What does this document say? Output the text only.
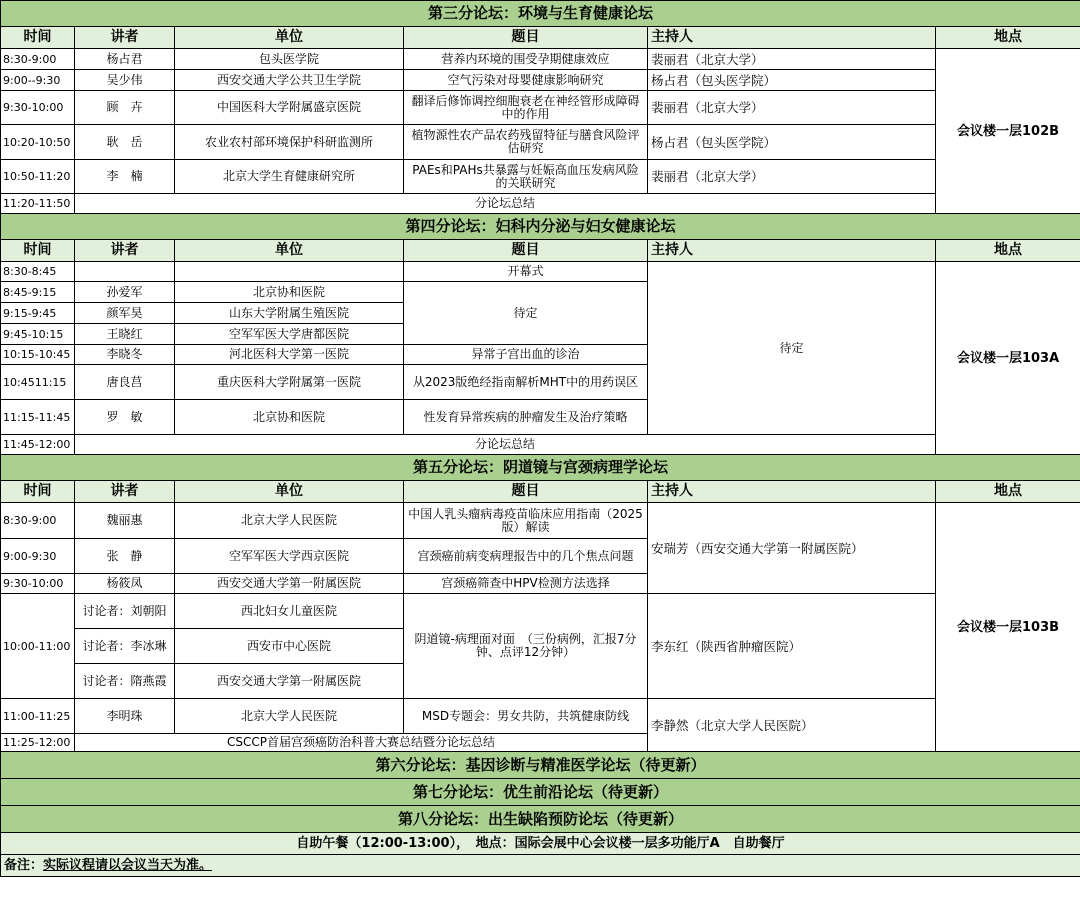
第三分论坛：环境与生育健康论坛					
时间	讲者	单位	题目	主持人	地点
8:30-9:00	杨占君	包头医学院	营养内环境的围受孕期健康效应	裴丽君（北京大学）	会议楼一层102B
9:00--9:30	吴少伟	西安交通大学公共卫生学院	空气污染对母婴健康影响研究	杨占君（包头医学院）	
9:30-10:00	顾　卉	中国医科大学附属盛京医院	翻译后修饰调控细胞衰老在神经管形成障碍中的作用	裴丽君（北京大学）	
10:20-10:50	耿　岳	农业农村部环境保护科研监测所	植物源性农产品农药残留特征与膳食风险评估研究	杨占君（包头医学院）	
10:50-11:20	李　楠	北京大学生育健康研究所	PAEs和PAHs共暴露与妊娠高血压发病风险的关联研究	裴丽君（北京大学）	
11:20-11:50	分论坛总结				
第四分论坛：妇科内分泌与妇女健康论坛					
时间	讲者	单位	题目	主持人	地点
8:30-8:45			开幕式	待定	会议楼一层103A
8:45-9:15	孙爱军	北京协和医院	待定		
9:15-9:45	颜军昊	山东大学附属生殖医院			
9:45-10:15	王晓红	空军军医大学唐都医院			
10:15-10:45	李晓冬	河北医科大学第一医院	异常子宫出血的诊治		
10:4511:15	唐良莒	重庆医科大学附属第一医院	从2023版绝经指南解析MHT中的用药误区		
11:15-11:45	罗　敏	北京协和医院	性发育异常疾病的肿瘤发生及治疗策略		
11:45-12:00	分论坛总结				
第五分论坛：阴道镜与宫颈病理学论坛					
时间	讲者	单位	题目	主持人	地点
8:30-9:00	魏丽惠	北京大学人民医院	中国人乳头瘤病毒疫苗临床应用指南（2025版）解读	安瑞芳（西安交通大学第一附属医院）	会议楼一层103B
9:00-9:30	张　静	空军军医大学西京医院	宫颈癌前病变病理报告中的几个焦点问题		
9:30-10:00	杨筱凤	西安交通大学第一附属医院	宫颈癌筛查中HPV检测方法选择		
10:00-11:00	讨论者：刘朝阳	西北妇女儿童医院	阴道镜-病理面对面　（三份病例，汇报7分钟、点评12分钟）	李东红（陕西省肿瘤医院）	
	讨论者：李冰琳	西安市中心医院			
	讨论者：隋燕霞	西安交通大学第一附属医院			
11:00-11:25	李明珠	北京大学人民医院	MSD专题会：男女共防，共筑健康防线	李静然（北京大学人民医院）	
11:25-12:00	CSCCP首届宫颈癌防治科普大赛总结暨分论坛总结				
第六分论坛：基因诊断与精准医学论坛（待更新）					
第七分论坛：优生前沿论坛（待更新）					
第八分论坛：出生缺陷预防论坛（待更新）					
自助午餐（12:00-13:00），　地点：国际会展中心会议楼一层多功能厅A　自助餐厅					
备注：实际议程请以会议当天为准。					
